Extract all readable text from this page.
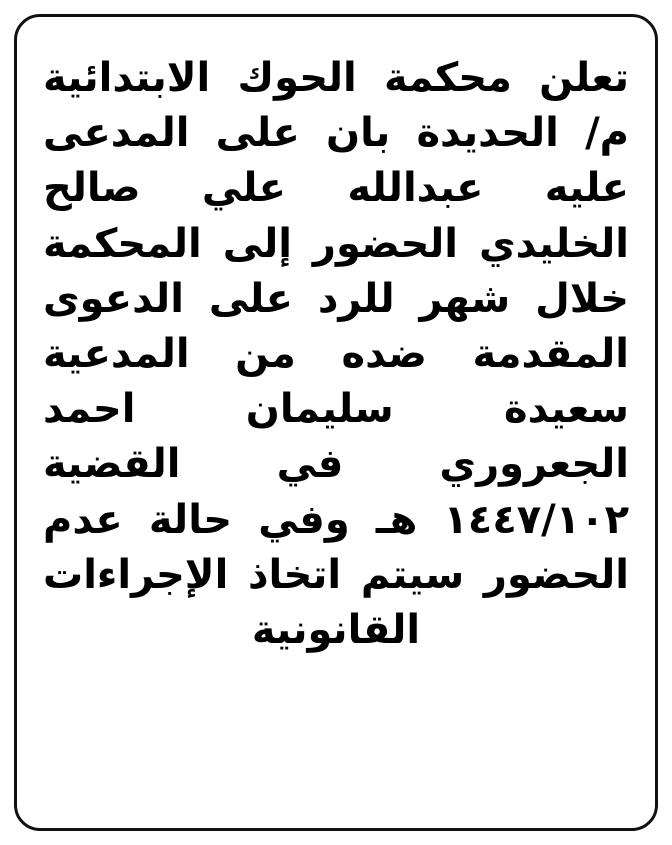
تعلن محكمة الحوك الابتدائية م/ الحديدة بان على المدعى عليه عبدالله علي صالح الخليدي الحضور إلى المحكمة خلال شهر للرد على الدعوى المقدمة ضده من المدعية سعيدة سليمان احمد الجعروري في القضية ١٤٤٧/١٠٢ هـ وفي حالة عدم الحضور سيتم اتخاذ الإجراءات
القانونية
